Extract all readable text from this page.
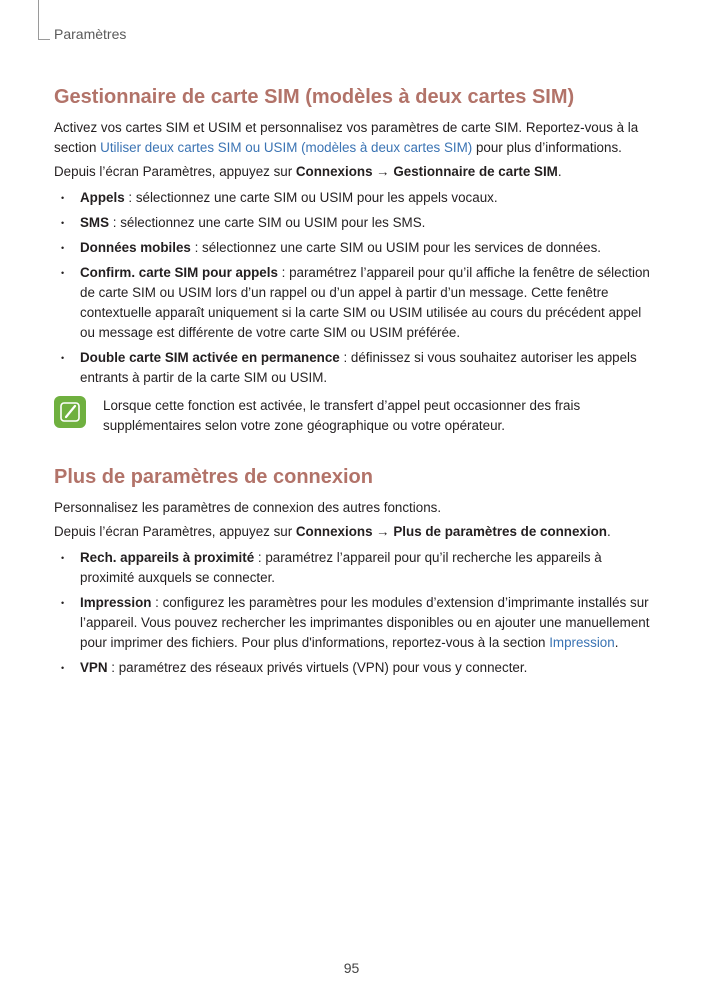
Paramètres
Gestionnaire de carte SIM (modèles à deux cartes SIM)

Activez vos cartes SIM et USIM et personnalisez vos paramètres de carte SIM. Reportez-vous à la section Utiliser deux cartes SIM ou USIM (modèles à deux cartes SIM) pour plus d’informations.

Depuis l’écran Paramètres, appuyez sur Connexions → Gestionnaire de carte SIM.

• Appels : sélectionnez une carte SIM ou USIM pour les appels vocaux.
• SMS : sélectionnez une carte SIM ou USIM pour les SMS.
• Données mobiles : sélectionnez une carte SIM ou USIM pour les services de données.
• Confirm. carte SIM pour appels : paramétrez l’appareil pour qu’il affiche la fenêtre de sélection de carte SIM ou USIM lors d’un rappel ou d’un appel à partir d’un message. Cette fenêtre contextuelle apparaît uniquement si la carte SIM ou USIM utilisée au cours du précédent appel ou message est différente de votre carte SIM ou USIM préférée.
• Double carte SIM activée en permanence : définissez si vous souhaitez autoriser les appels entrants à partir de la carte SIM ou USIM.
Lorsque cette fonction est activée, le transfert d’appel peut occasionner des frais supplémentaires selon votre zone géographique ou votre opérateur.
Plus de paramètres de connexion

Personnalisez les paramètres de connexion des autres fonctions.

Depuis l’écran Paramètres, appuyez sur Connexions → Plus de paramètres de connexion.

• Rech. appareils à proximité : paramétrez l’appareil pour qu’il recherche les appareils à proximité auxquels se connecter.
• Impression : configurez les paramètres pour les modules d’extension d’imprimante installés sur l’appareil. Vous pouvez rechercher les imprimantes disponibles ou en ajouter une manuellement pour imprimer des fichiers. Pour plus d'informations, reportez-vous à la section Impression.
• VPN : paramétrez des réseaux privés virtuels (VPN) pour vous y connecter.
95
